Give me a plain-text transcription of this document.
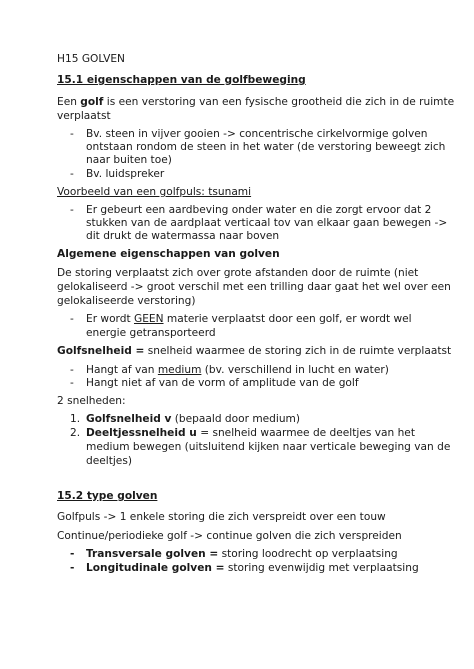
H15 GOLVEN
15.1 eigenschappen van de golfbeweging
Een golf is een verstoring van een fysische grootheid die zich in de ruimte
verplaatst
- Bv. steen in vijver gooien -> concentrische cirkelvormige golven
ontstaan rondom de steen in het water (de verstoring beweegt zich
naar buiten toe)
- Bv. luidspreker
Voorbeeld van een golfpuls: tsunami
- Er gebeurt een aardbeving onder water en die zorgt ervoor dat 2
stukken van de aardplaat verticaal tov van elkaar gaan bewegen ->
dit drukt de watermassa naar boven
Algemene eigenschappen van golven
De storing verplaatst zich over grote afstanden door de ruimte (niet
gelokaliseerd -> groot verschil met een trilling daar gaat het wel over een
gelokaliseerde verstoring)
- Er wordt GEEN materie verplaatst door een golf, er wordt wel
energie getransporteerd
Golfsnelheid = snelheid waarmee de storing zich in de ruimte verplaatst
- Hangt af van medium (bv. verschillend in lucht en water)
- Hangt niet af van de vorm of amplitude van de golf
2 snelheden:
1. Golfsnelheid v (bepaald door medium)
2. Deeltjessnelheid u = snelheid waarmee de deeltjes van het
medium bewegen (uitsluitend kijken naar verticale beweging van de
deeltjes)
15.2 type golven
Golfpuls -> 1 enkele storing die zich verspreidt over een touw
Continue/periodieke golf -> continue golven die zich verspreiden
- Transversale golven = storing loodrecht op verplaatsing
- Longitudinale golven = storing evenwijdig met verplaatsing
